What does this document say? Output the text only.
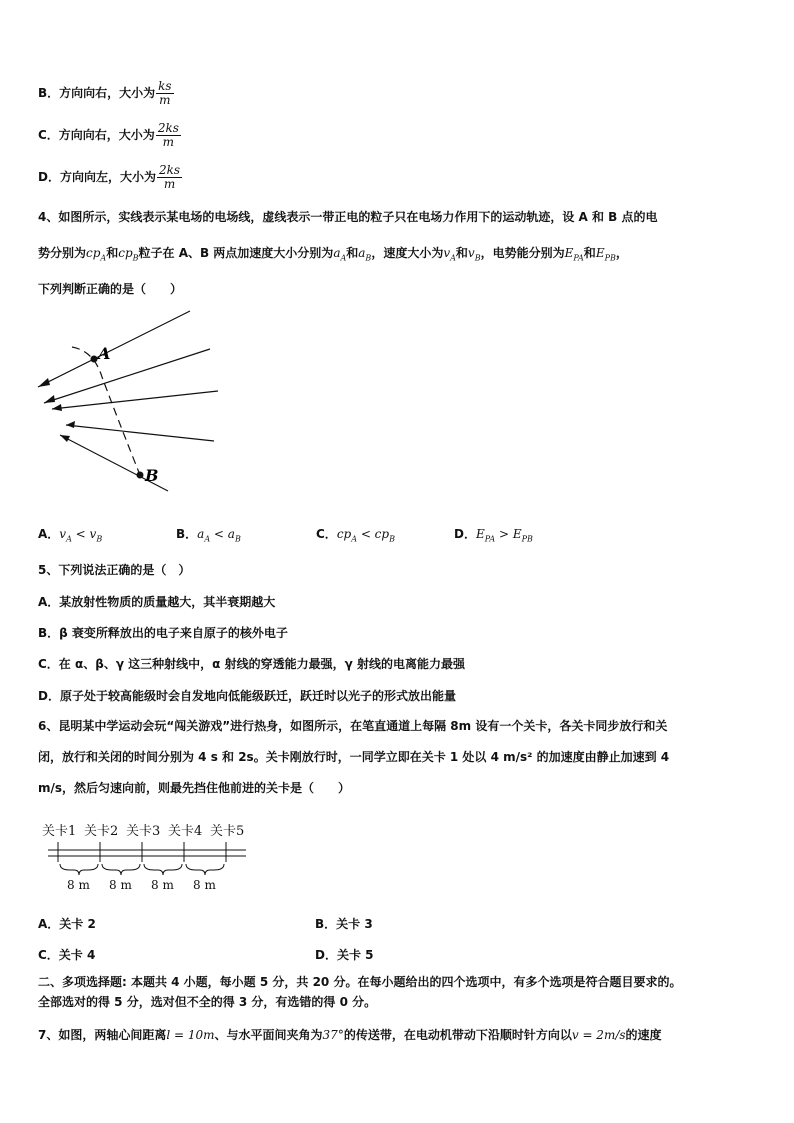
B．方向向右，大小为 $\frac{ks}{m}$
C．方向向右，大小为 $\frac{2ks}{m}$
D．方向向左，大小为 $\frac{2ks}{m}$
4、如图所示，实线表示某电场的电场线，虚线表示一带正电的粒子只在电场力作用下的运动轨迹，设 A 和 B 点的电
势分别为$cp_A$和$cp_B$粒子在 A、B 两点加速度大小分别为$a_A$和$a_B$，速度大小为$v_A$和$v_B$，电势能分别为$E_{PA}$和$E_{PB}$，
下列判断正确的是（　　）
A
B
A．$v_A < v_B$	B．$a_A < a_B$	C．$cp_A < cp_B$	D．$E_{PA} > E_{PB}$
5、下列说法正确的是（　）
A．某放射性物质的质量越大，其半衰期越大
B．β 衰变所释放出的电子来自原子的核外电子
C．在 α、β、γ 这三种射线中，α 射线的穿透能力最强，γ 射线的电离能力最强
D．原子处于较高能级时会自发地向低能级跃迁，跃迁时以光子的形式放出能量
6、昆明某中学运动会玩“闯关游戏”进行热身，如图所示，在笔直通道上每隔 8m 设有一个关卡，各关卡同步放行和关
闭，放行和关闭的时间分别为 4 s 和 2s。关卡刚放行时，一同学立即在关卡 1 处以 4 m/s² 的加速度由静止加速到 4
m/s，然后匀速向前，则最先挡住他前进的关卡是（　　）
关卡1 关卡2 关卡3 关卡4 关卡5
8 m 8 m 8 m 8 m
A．关卡 2	B．关卡 3
C．关卡 4	D．关卡 5
二、多项选择题: 本题共 4 小题，每小题 5 分，共 20 分。在每小题给出的四个选项中，有多个选项是符合题目要求的。
全部选对的得 5 分，选对但不全的得 3 分，有选错的得 0 分。
7、如图，两轴心间距离l = 10m、与水平面间夹角为37°的传送带，在电动机带动下沿顺时针方向以v = 2m/s的速度
